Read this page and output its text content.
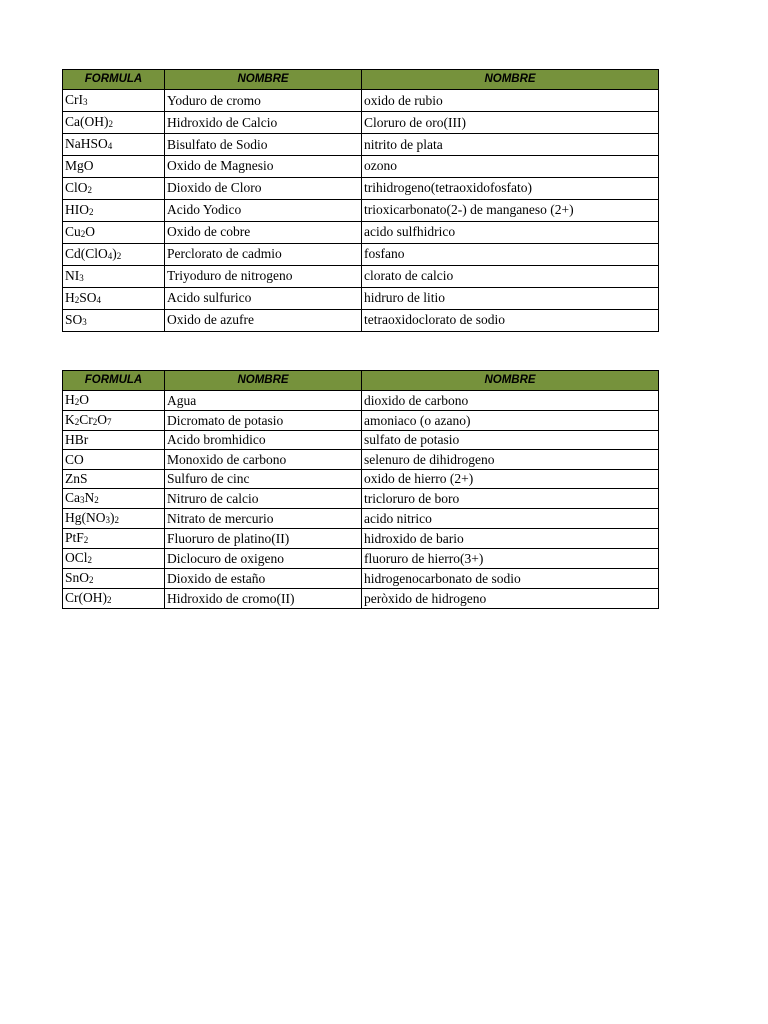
FORMULA	NOMBRE	NOMBRE
CrI$_3$	Yoduro de cromo	oxido de rubio
$Ca(OH)_2$	Hidroxido de Calcio	Cloruro de oro(III)
NaHSO$_4$	Bisulfato de Sodio	nitrito de plata
MgO	Oxido de Magnesio	ozono
ClO$_2$	Dioxido de Cloro	trihidrogeno(tetraoxidofosfato)
$HIO_2$	Acido Yodico	trioxicarbonato(2-) de manganeso (2+)
$Cu_2O$	Oxido de cobre	acido sulfhidrico
$Cd(ClO_4)_2$	Perclorato de cadmio	fosfano
$NI_3$	Triyoduro de nitrogeno	clorato de calcio
$H_2SO_4$	Acido sulfurico	hidruro de litio
$SO_3$	Oxido de azufre	tetraoxidoclorato de sodio
FORMULA	NOMBRE	NOMBRE
$H_2O$	Agua	dioxido de carbono
$K_2Cr_2O_7$	Dicromato de potasio	amoniaco (o azano)
HBr	Acido bromhidico	sulfato de potasio
CO	Monoxido de carbono	selenuro de dihidrogeno
ZnS	Sulfuro de cinc	oxido de hierro (2+)
$Ca_3N_2$	Nitruro de calcio	tricloruro de boro
$Hg(NO_3)_2$	Nitrato de mercurio	acido nitrico
PtF$_2$	Fluoruro de platino(II)	hidroxido de bario
OCl$_2$	Diclocuro de oxigeno	fluoruro de hierro(3+)
SnO$_2$	Dioxido de estaño	hidrogenocarbonato de sodio
$Cr(OH)_2$	Hidroxido de cromo(II)	peròxido de hidrogeno
